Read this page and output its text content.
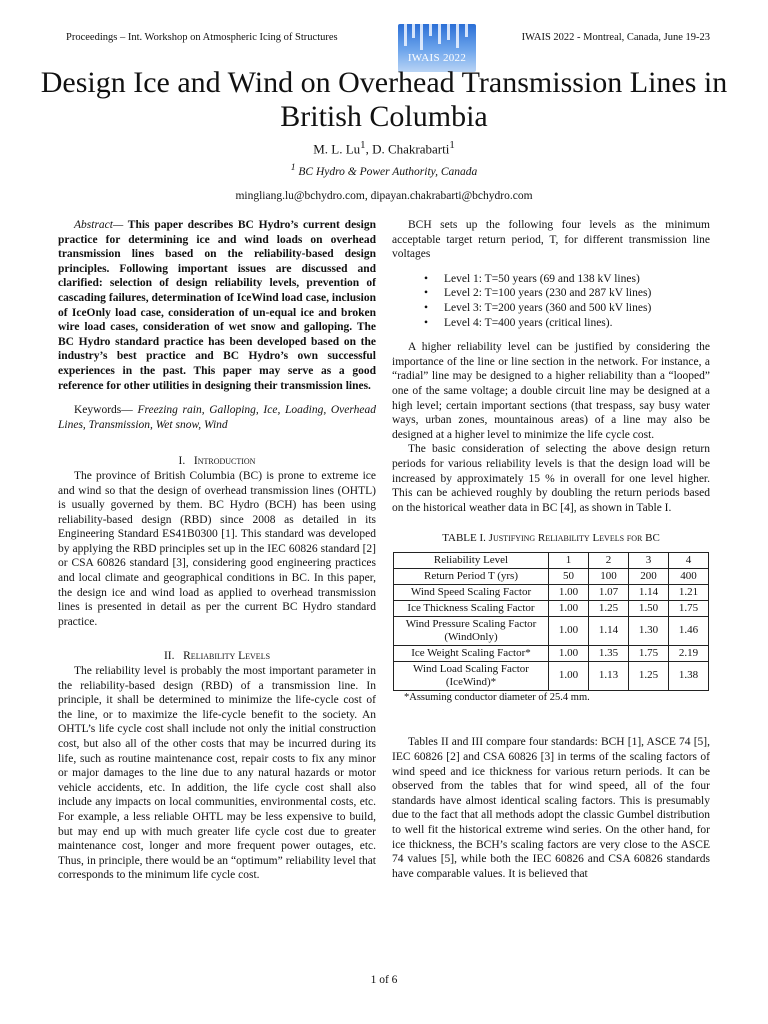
Proceedings – Int. Workshop on Atmospheric Icing of Structures
IWAIS 2022
IWAIS 2022 - Montreal, Canada, June 19-23
Design Ice and Wind on Overhead Transmission Lines in British Columbia
M. L. Lu$^1$, D. Chakrabarti$^1$
$^1$ BC Hydro & Power Authority, Canada
mingliang.lu@bchydro.com, dipayan.chakrabarti@bchydro.com

Abstract— This paper describes BC Hydro’s current design practice for determining ice and wind loads on overhead transmission lines based on the reliability-based design principles. Following important issues are discussed and clarified: selection of design reliability levels, prevention of cascading failures, determination of IceWind load case, inclusion of IceOnly load case, consideration of un-equal ice and broken wire load cases, consideration of wet snow and galloping. The BC Hydro standard practice has been developed based on the industry’s best practice and BC Hydro’s own successful experiences in the past. This paper may serve as a good reference for other utilities in designing their transmission lines.

Keywords— Freezing rain, Galloping, Ice, Loading, Overhead Lines, Transmission, Wet snow, Wind

I. Introduction

The province of British Columbia (BC) is prone to extreme ice and wind so that the design of overhead transmission lines (OHTL) is usually governed by them. BC Hydro (BCH) has been using reliability-based design (RBD) since 2008 as detailed in its Engineering Standard ES41B0300 [1]. This standard was developed by applying the RBD principles set up in the IEC 60826 standard [2] or CSA 60826 standard [3], considering good engineering practices and local climate and geographical conditions in BC. In this paper, the design ice and wind load as applied to overhead transmission lines is presented in detail as per the current BC Hydro standard practice.

II. Reliability Levels

The reliability level is probably the most important parameter in the reliability-based design (RBD) of a transmission line. In principle, it shall be determined to minimize the life-cycle cost of the line, or to maximize the life-cycle benefit to the society. An OHTL’s life cycle cost shall include not only the initial construction cost, but also all of the other costs that may be incurred during its life, such as routine maintenance cost, repair costs to fix any minor or major damages to the line due to any natural hazards or motor vehicle accidents, etc. In addition, the life cycle cost shall also include any impacts on local communities, environmental costs, etc. For example, a less reliable OHTL may be less expensive to build, but may end up with much greater life cycle cost due to greater maintenance cost, longer and more frequent power outages, etc. Thus, in principle, there would be an “optimum” reliability level that corresponds to the minimum life cycle cost.

BCH sets up the following four levels as the minimum acceptable target return period, T, for different transmission line voltages

• Level 1: T=50 years (69 and 138 kV lines)
• Level 2: T=100 years (230 and 287 kV lines)
• Level 3: T=200 years (360 and 500 kV lines)
• Level 4: T=400 years (critical lines).

A higher reliability level can be justified by considering the importance of the line or line section in the network. For instance, a “radial” line may be designed to a higher reliability than a “looped” one of the same voltage; a double circuit line may be designed at a high level; certain important sections (that trespass, say busy water ways, urban zones, mountainous areas) of a line may also be designed at a higher level to minimize the life cycle cost.

The basic consideration of selecting the above design return periods for various reliability levels is that the design load will be increased by approximately 15 % in overall for one level higher. This can be achieved roughly by doubling the return periods based on the historical weather data in BC [4], as shown in Table I.

TABLE I. Justifying Reliability Levels for BC

Reliability Level	1	2	3	4
Return Period T (yrs)	50	100	200	400
Wind Speed Scaling Factor	1.00	1.07	1.14	1.21
Ice Thickness Scaling Factor	1.00	1.25	1.50	1.75
Wind Pressure Scaling Factor (WindOnly)	1.00	1.14	1.30	1.46
Ice Weight Scaling Factor*	1.00	1.35	1.75	2.19
Wind Load Scaling Factor (IceWind)*	1.00	1.13	1.25	1.38

*Assuming conductor diameter of 25.4 mm.

Tables II and III compare four standards: BCH [1], ASCE 74 [5], IEC 60826 [2] and CSA 60826 [3] in terms of the scaling factors of wind speed and ice thickness for various return periods. It can be observed from the tables that for wind speed, all of the four standards have almost identical scaling factors. This is presumably due to the fact that all methods adopt the classic Gumbel distribution to well fit the historical extreme wind series. On the other hand, for ice thickness, the BCH’s scaling factors are very close to the ASCE 74 values [5], while both the IEC 60826 and CSA 60826 standards have comparable values. It is believed that

1 of 6
